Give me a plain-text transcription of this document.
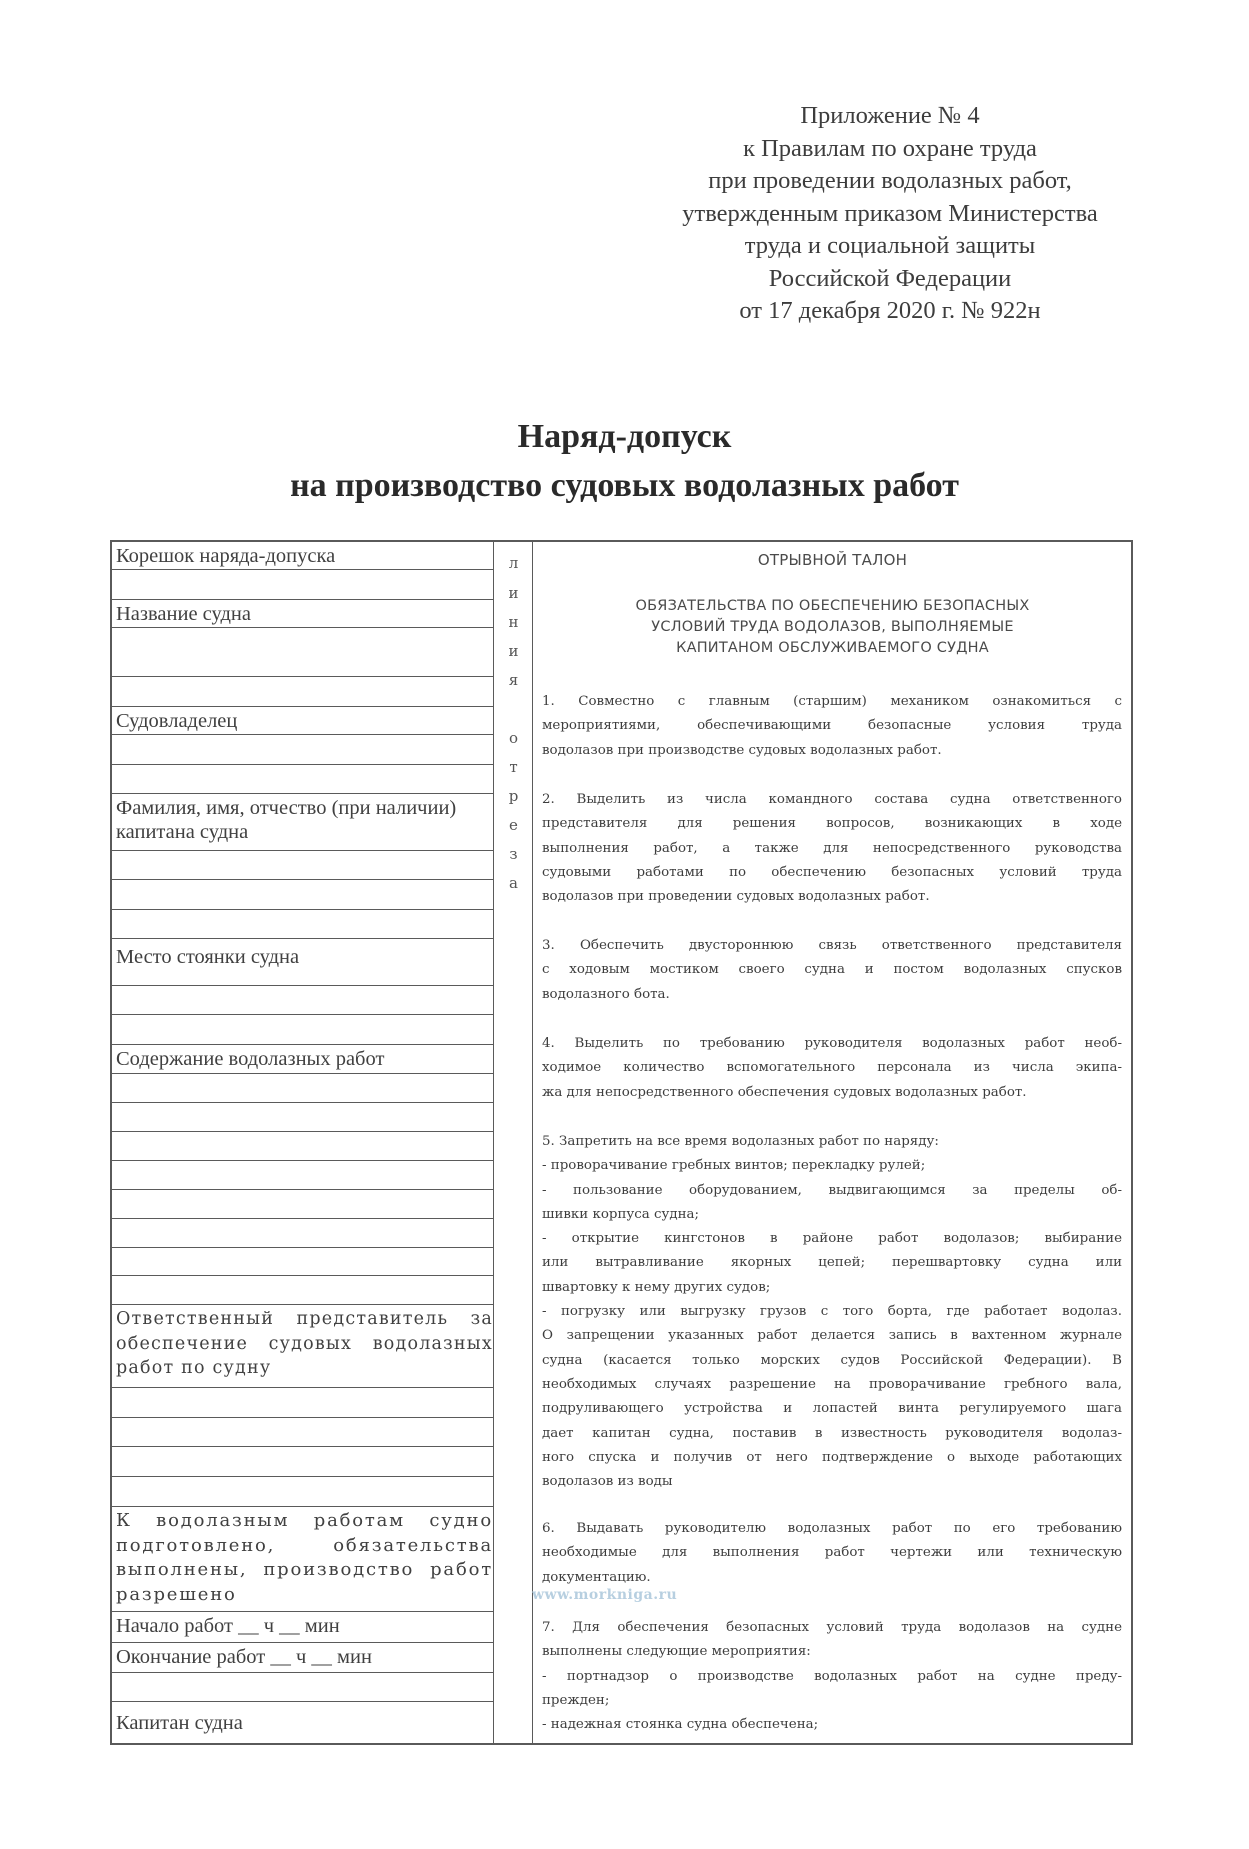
Приложение № 4
к Правилам по охране труда
при проведении водолазных работ,
утвержденным приказом Министерства
труда и социальной защиты
Российской Федерации
от 17 декабря 2020 г. № 922н
Наряд-допуск
на производство судовых водолазных работ
Корешок наряда-допуска
Название судна
Судовладелец
Фамилия, имя, отчество (при наличии) капитана судна
Место стоянки судна
Содержание водолазных работ
Ответственный представитель за обеспечение судовых водолазных работ по судну
К водолазным работам судно подготовлено, обязательства выполнены, производство работ разрешено
Начало работ __ ч __ мин
Окончание работ __ ч __ мин
Капитан судна
л
и
н
и
я
о
т
р
е
з
а
ОТРЫВНОЙ ТАЛОН
ОБЯЗАТЕЛЬСТВА ПО ОБЕСПЕЧЕНИЮ БЕЗОПАСНЫХ
УСЛОВИЙ ТРУДА ВОДОЛАЗОВ, ВЫПОЛНЯЕМЫЕ
КАПИТАНОМ ОБСЛУЖИВАЕМОГО СУДНА
1. Совместно с главным (старшим) механиком ознакомиться с
мероприятиями, обеспечивающими безопасные условия труда
водолазов при производстве судовых водолазных работ.
2. Выделить из числа командного состава судна ответственного
представителя для решения вопросов, возникающих в ходе
выполнения работ, а также для непосредственного руководства
судовыми работами по обеспечению безопасных условий труда
водолазов при проведении судовых водолазных работ.
3. Обеспечить двустороннюю связь ответственного представителя
с ходовым мостиком своего судна и постом водолазных спусков
водолазного бота.
4. Выделить по требованию руководителя водолазных работ необ-
ходимое количество вспомогательного персонала из числа экипа-
жа для непосредственного обеспечения судовых водолазных работ.
5. Запретить на все время водолазных работ по наряду:
- проворачивание гребных винтов; перекладку рулей;
- пользование оборудованием, выдвигающимся за пределы об-
шивки корпуса судна;
- открытие кингстонов в районе работ водолазов; выбирание
или вытравливание якорных цепей; перешвартовку судна или
швартовку к нему других судов;
- погрузку или выгрузку грузов с того борта, где работает водолаз.
О запрещении указанных работ делается запись в вахтенном журнале
судна (касается только морских судов Российской Федерации). В
необходимых случаях разрешение на проворачивание гребного вала,
подруливающего устройства и лопастей винта регулируемого шага
дает капитан судна, поставив в известность руководителя водолаз-
ного спуска и получив от него подтверждение о выходе работающих
водолазов из воды
6. Выдавать руководителю водолазных работ по его требованию
необходимые для выполнения работ чертежи или техническую
документацию.
7. Для обеспечения безопасных условий труда водолазов на судне
выполнены следующие мероприятия:
- портнадзор о производстве водолазных работ на судне преду-
прежден;
- надежная стоянка судна обеспечена;
www.morkniga.ru
